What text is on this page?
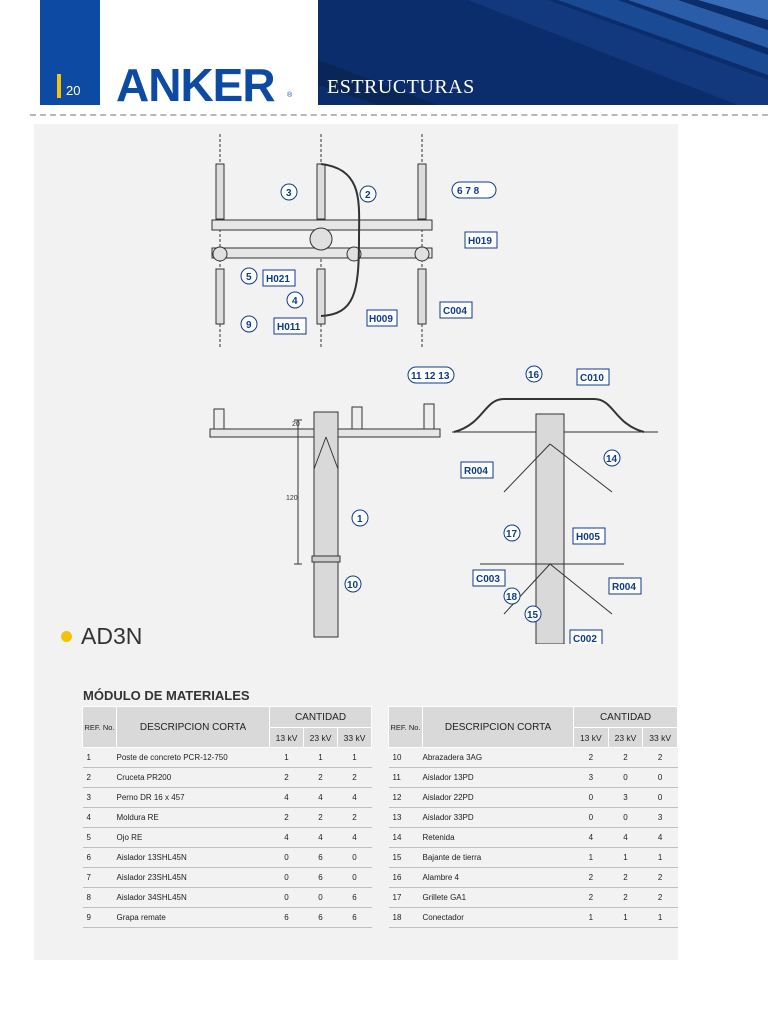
20 ANKER ® ESTRUCTURAS
3	2	6 7 8
H019
5 H021
4
H009
C004
9	H011
20
120
11 12 13
1
10
16	C010
R004
14
17	H005
C003
R004
18
15
C002
AD3N
MÓDULO DE MATERIALES
REF. No.	DESCRIPCION CORTA	CANTIDAD		
		13 kV	23 kV	33 kV
1	Poste de concreto PCR-12-750	1	1	1
2	Cruceta PR200	2	2	2
3	Perno DR 16 x 457	4	4	4
4	Moldura RE	2	2	2
5	Ojo RE	4	4	4
6	Aislador 13SHL45N	0	6	0
7	Aislador 23SHL45N	0	6	0
8	Aislador 34SHL45N	0	0	6
9	Grapa remate	6	6	6
REF. No.	DESCRIPCION CORTA	CANTIDAD		
		13 kV	23 kV	33 kV
10	Abrazadera 3AG	2	2	2
11	Aislador 13PD	3	0	0
12	Aislador 22PD	0	3	0
13	Aislador 33PD	0	0	3
14	Retenida	4	4	4
15	Bajante de tierra	1	1	1
16	Alambre 4	2	2	2
17	Grillete GA1	2	2	2
18	Conectador	1	1	1
